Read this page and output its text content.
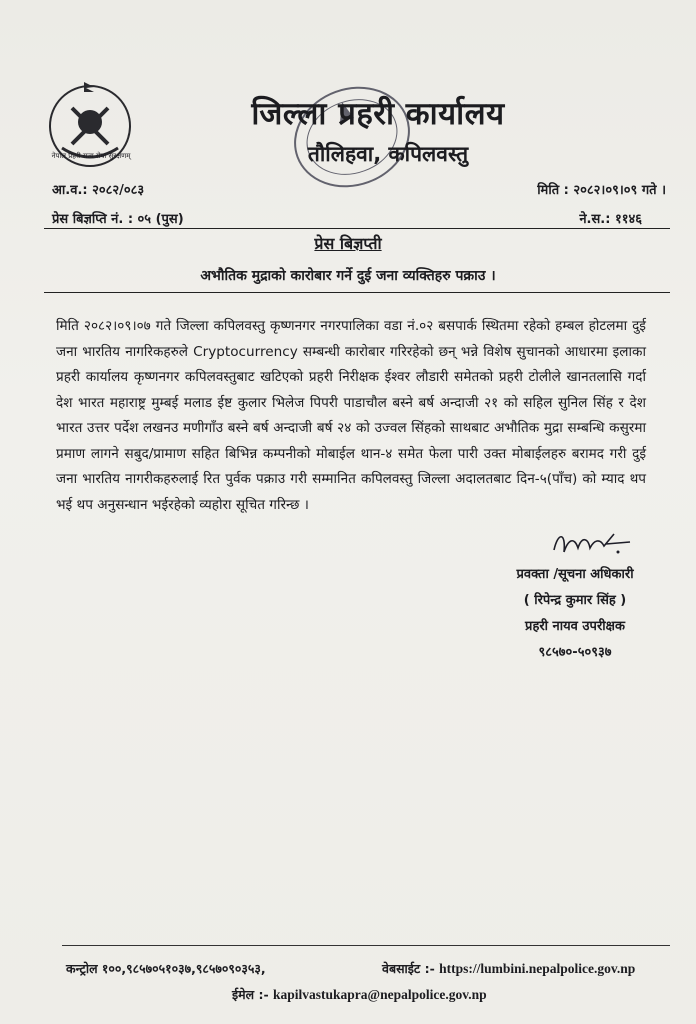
नेपाल प्रहरी सत्य सेवा सुरक्षणम्
जिल्ला प्रहरी कार्यालय
तौलिहवा, कपिलवस्तु
आ.व.: २०८२/०८३
प्रेस बिज्ञप्ति नं. : ०५ (पुस)
मिति : २०८२।०९।०९ गते ।
ने.स.: ११४६
प्रेस बिज्ञप्ती
अभौतिक मुद्राको कारोबार गर्ने दुई जना व्यक्तिहरु पक्राउ ।
मिति २०८२।०९।०७ गते जिल्ला कपिलवस्तु कृष्णनगर नगरपालिका वडा नं.०२ बसपार्क स्थितमा रहेको हम्बल होटलमा दुई जना भारतिय नागरिकहरुले Cryptocurrency सम्बन्धी कारोबार गरिरहेको छन् भन्ने विशेष सुचानको आधारमा इलाका प्रहरी कार्यालय कृष्णनगर कपिलवस्तुबाट खटिएको प्रहरी निरीक्षक ईश्वर लौडारी समेतको प्रहरी टोलीले खानतलासि गर्दा देश भारत महाराष्ट्र मुम्बई मलाड ईष्ट कुलार भिलेज पिपरी पाडाचौल बस्ने बर्ष अन्दाजी २१ को सहिल सुनिल सिंह र देश भारत उत्तर पर्देश लखनउ मणीगाँउ बस्ने बर्ष अन्दाजी बर्ष २४ को उज्वल सिंहको साथबाट अभौतिक मुद्रा सम्बन्धि कसुरमा प्रमाण लागने सबुद/प्रामाण सहित बिभिन्न कम्पनीको मोबाईल थान-४ समेत फेला पारी उक्त मोबाईलहरु बरामद गरी दुई जना भारतिय नागरीकहरुलाई रित पुर्वक पक्राउ गरी सम्मानित कपिलवस्तु जिल्ला अदालतबाट दिन-५(पाँच) को म्याद थप भई थप अनुसन्धान भईरहेको व्यहोरा सूचित गरिन्छ ।
प्रवक्ता /सूचना अधिकारी
( रिपेन्द्र कुमार सिंह )
प्रहरी नायव उपरीक्षक
९८५७०-५०९३७
कन्ट्रोल १००,९८५७०५१०३७,९८५७०९०३५३,	वेबसाईट :- https://lumbini.nepalpolice.gov.np
ईमेल :- kapilvastukapra@nepalpolice.gov.np
